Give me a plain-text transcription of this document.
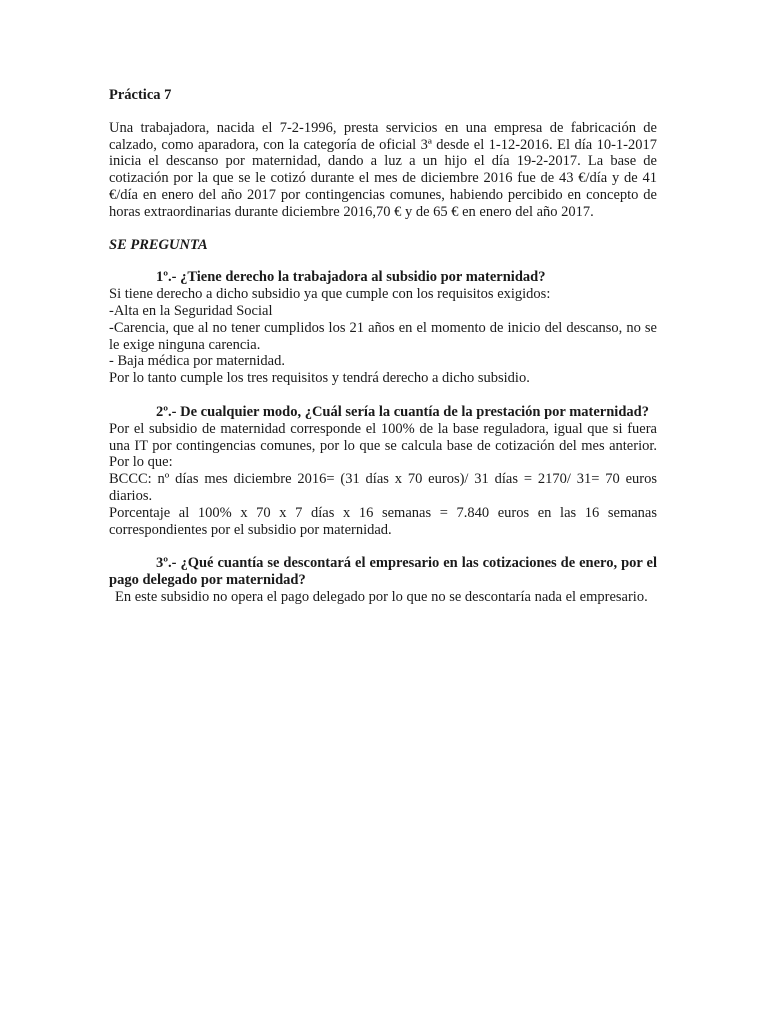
Práctica 7

Una trabajadora, nacida el 7-2-1996, presta servicios en una empresa de fabricación de calzado, como aparadora, con la categoría de oficial 3ª desde el 1-12-2016. El día 10-1-2017 inicia el descanso por maternidad, dando a luz a un hijo el día 19-2-2017. La base de cotización por la que se le cotizó durante el mes de diciembre 2016 fue de 43 €/día y de 41 €/día en enero del año 2017 por contingencias comunes, habiendo percibido en concepto de horas extraordinarias durante diciembre 2016,70 € y de 65 € en enero del año 2017.

SE PREGUNTA

1º.- ¿Tiene derecho la trabajadora al subsidio por maternidad?

Si tiene derecho a dicho subsidio ya que cumple con los requisitos exigidos:

-Alta en la Seguridad Social

-Carencia, que al no tener cumplidos los 21 años en el momento de inicio del descanso, no se le exige ninguna carencia.

- Baja médica por maternidad.

Por lo tanto cumple los tres requisitos y tendrá derecho a dicho subsidio.

2º.- De cualquier modo, ¿Cuál sería la cuantía de la prestación por maternidad?

Por el subsidio de maternidad corresponde el 100% de la base reguladora, igual que si fuera una IT por contingencias comunes, por lo que se calcula base de cotización del mes anterior. Por lo que:

BCCC: nº días mes diciembre 2016= (31 días x 70 euros)/ 31 días = 2170/ 31= 70 euros diarios.

Porcentaje al 100% x 70 x 7 días x 16 semanas = 7.840 euros en las 16 semanas correspondientes por el subsidio por maternidad.

3º.- ¿Qué cuantía se descontará el empresario en las cotizaciones de enero, por el pago delegado por maternidad?

En este subsidio no opera el pago delegado por lo que no se descontaría nada el empresario.
